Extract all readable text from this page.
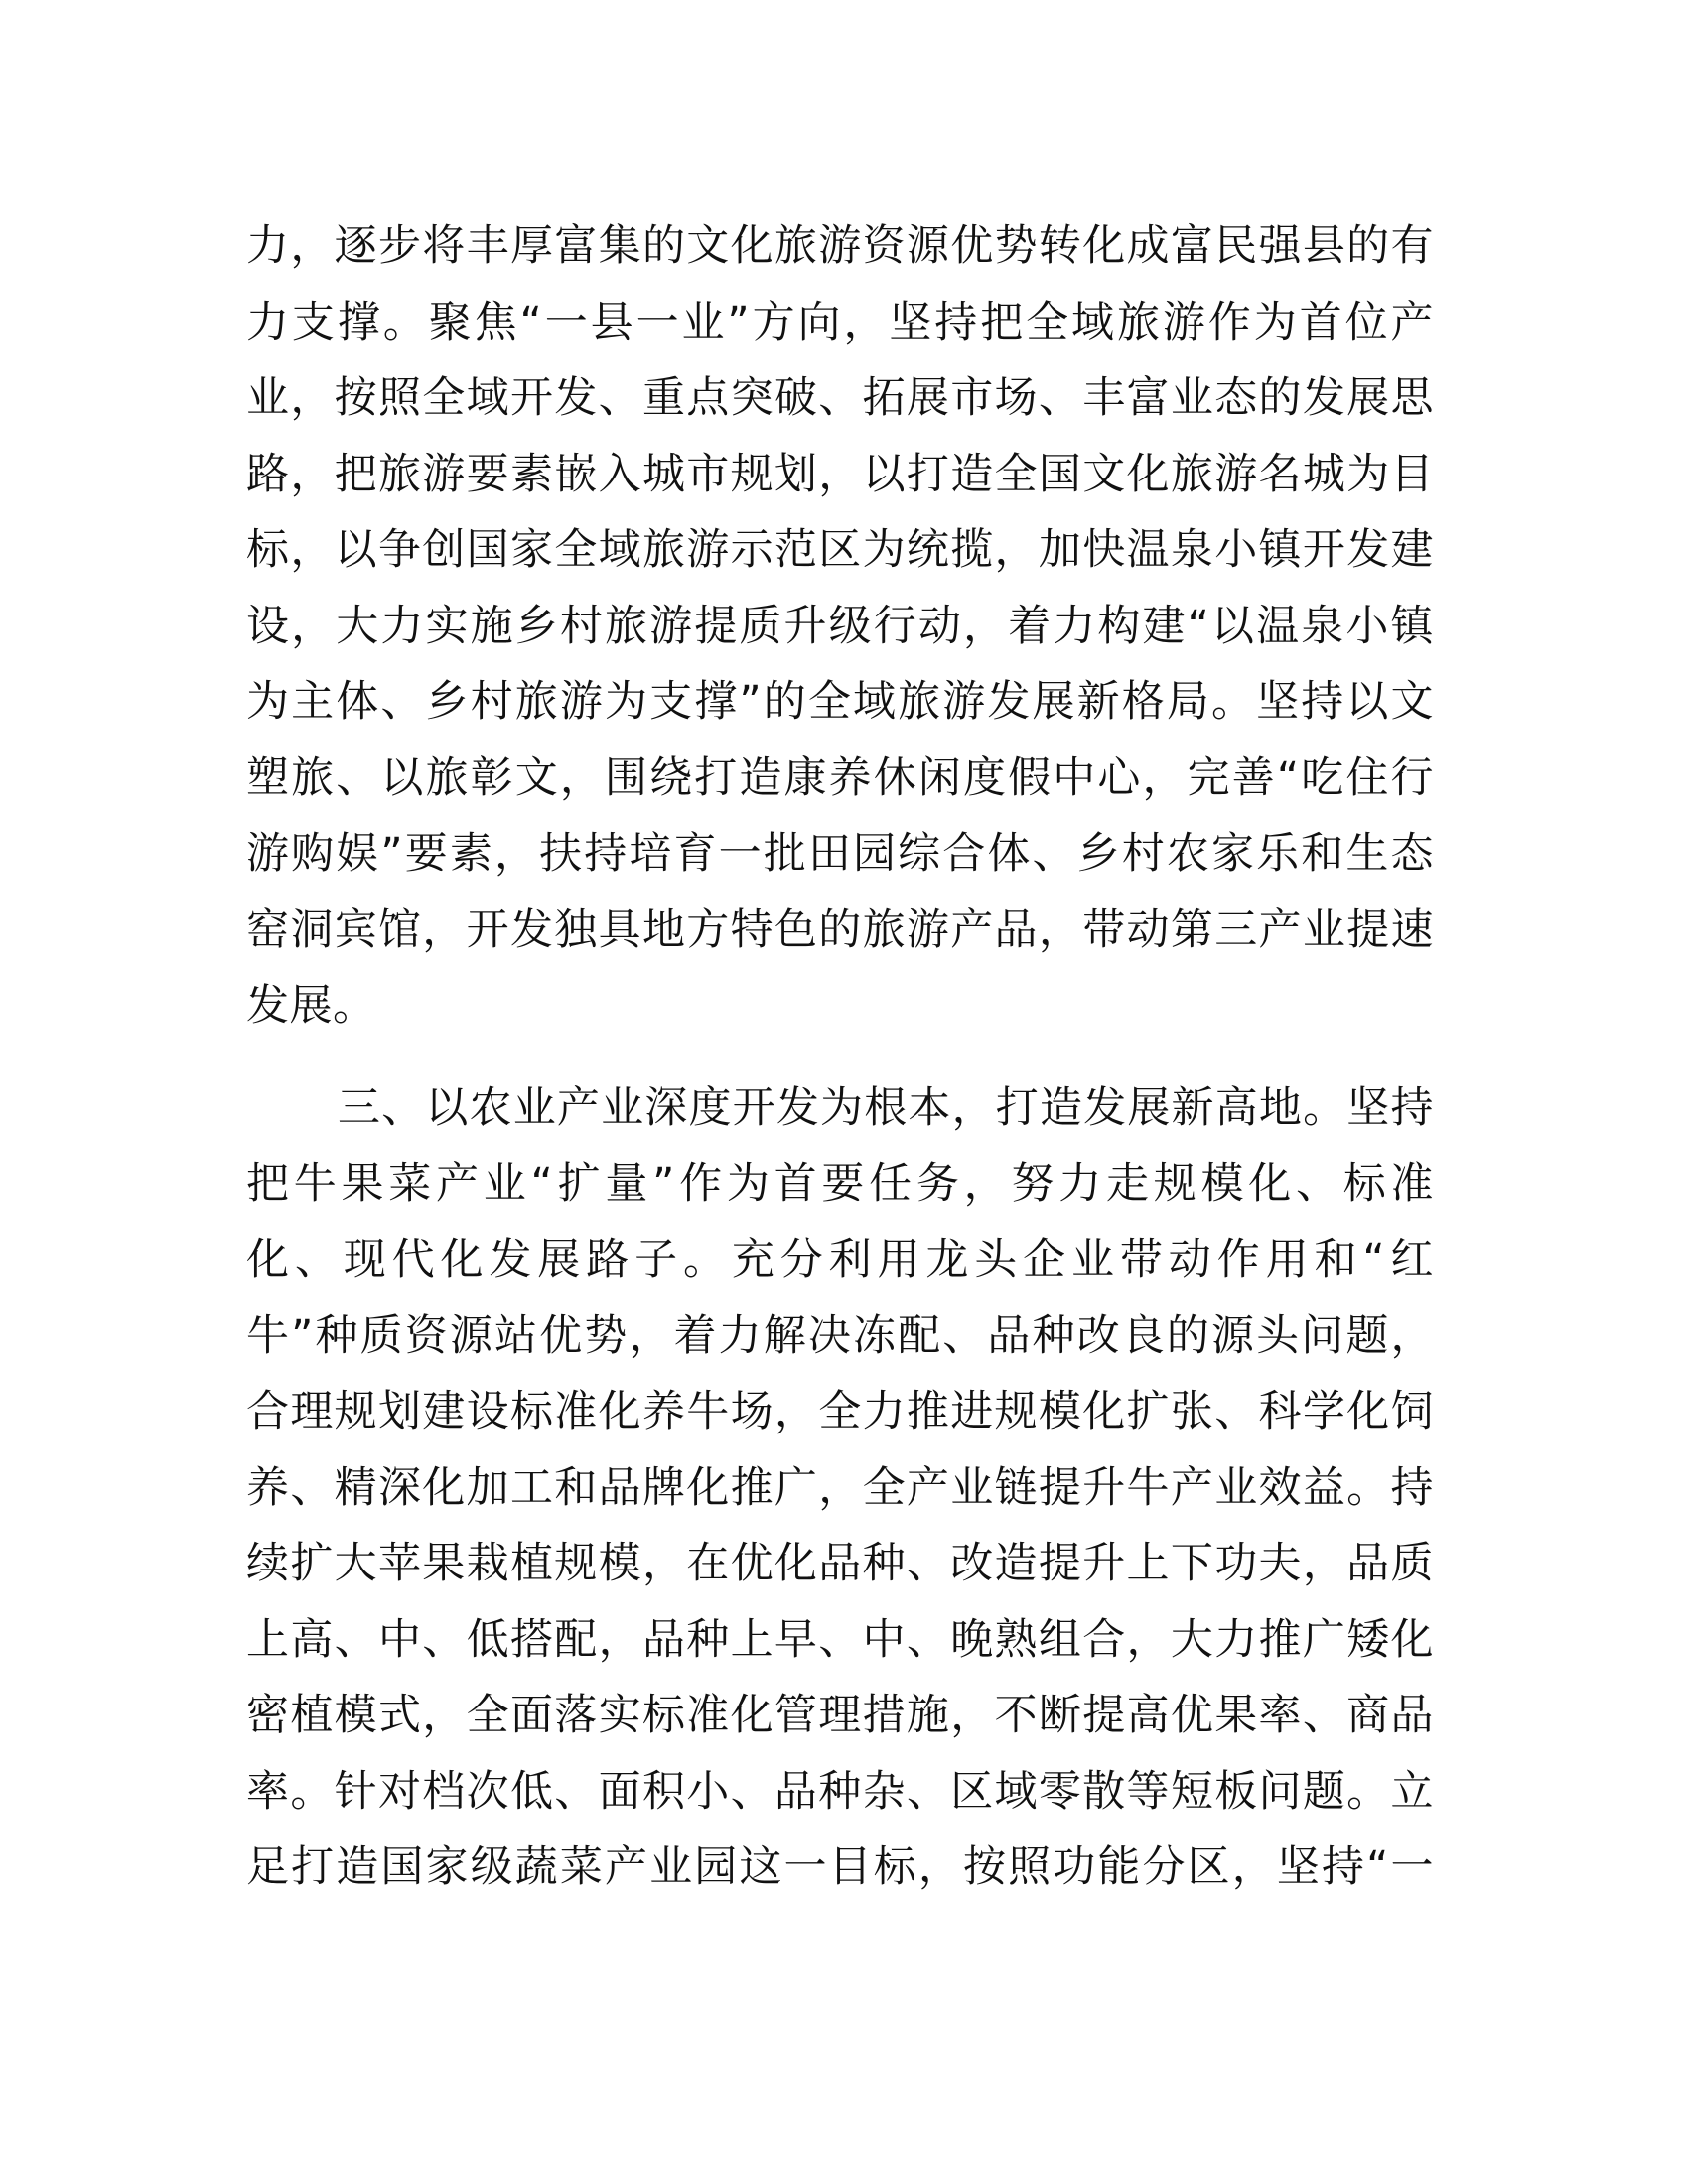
力，逐步将丰厚富集的文化旅游资源优势转化成富民强县的有
力支撑。聚焦“一县一业”方向，坚持把全域旅游作为首位产
业，按照全域开发、重点突破、拓展市场、丰富业态的发展思
路，把旅游要素嵌入城市规划，以打造全国文化旅游名城为目
标，以争创国家全域旅游示范区为统揽，加快温泉小镇开发建
设，大力实施乡村旅游提质升级行动，着力构建“以温泉小镇
为主体、乡村旅游为支撑”的全域旅游发展新格局。坚持以文
塑旅、以旅彰文，围绕打造康养休闲度假中心，完善“吃住行
游购娱”要素，扶持培育一批田园综合体、乡村农家乐和生态
窑洞宾馆，开发独具地方特色的旅游产品，带动第三产业提速
发展。
三、以农业产业深度开发为根本，打造发展新高地。坚持
把牛果菜产业“扩量”作为首要任务，努力走规模化、标准
化、现代化发展路子。充分利用龙头企业带动作用和“红
牛”种质资源站优势，着力解决冻配、品种改良的源头问题，
合理规划建设标准化养牛场，全力推进规模化扩张、科学化饲
养、精深化加工和品牌化推广，全产业链提升牛产业效益。持
续扩大苹果栽植规模，在优化品种、改造提升上下功夫，品质
上高、中、低搭配，品种上早、中、晚熟组合，大力推广矮化
密植模式，全面落实标准化管理措施，不断提高优果率、商品
率。针对档次低、面积小、品种杂、区域零散等短板问题。立
足打造国家级蔬菜产业园这一目标，按照功能分区，坚持“一
